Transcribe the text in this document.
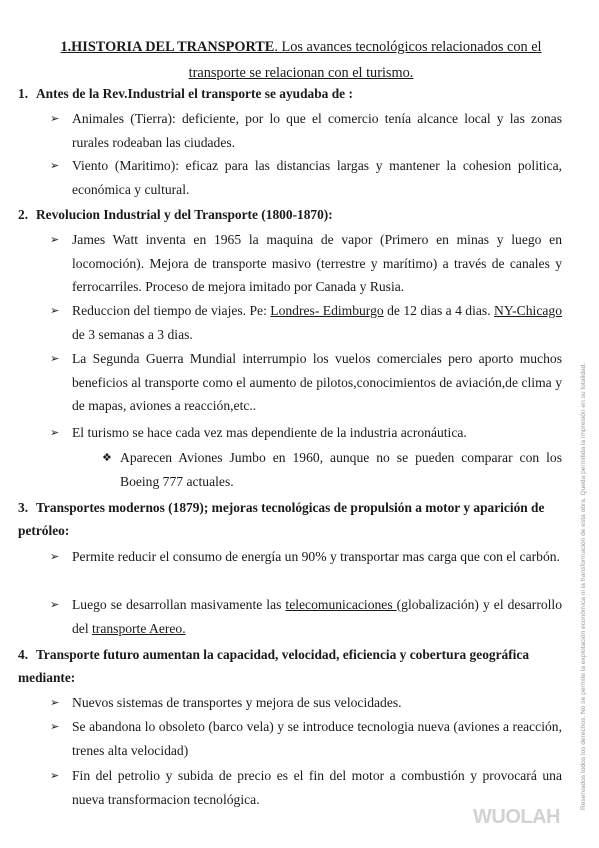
1.HISTORIA DEL TRANSPORTE. Los avances tecnológicos relacionados con el
transporte se relacionan con el turismo.
1. Antes de la Rev.Industrial el transporte se ayudaba de :
➢ Animales (Tierra): deficiente, por lo que el comercio tenía alcance local y las zonas rurales rodeaban las ciudades.
➢ Viento (Maritimo): eficaz para las distancias largas y mantener la cohesion politica, económica y cultural.
2. Revolucion Industrial y del Transporte (1800-1870):
➢ James Watt inventa en 1965 la maquina de vapor (Primero en minas y luego en locomoción). Mejora de transporte masivo (terrestre y marítimo) a través de canales y ferrocarriles. Proceso de mejora imitado por Canada y Rusia.
➢ Reduccion del tiempo de viajes. Pe: Londres- Edimburgo de 12 dias a 4 dias. NY-Chicago de 3 semanas a 3 dias.
➢ La Segunda Guerra Mundial interrumpio los vuelos comerciales pero aporto muchos beneficios al transporte como el aumento de pilotos,conocimientos de aviación,de clima y de mapas, aviones a reacción,etc..
➢ El turismo se hace cada vez mas dependiente de la industria acronáutica.
❖ Aparecen Aviones Jumbo en 1960, aunque no se pueden comparar con los Boeing 777 actuales.
3. Transportes modernos (1879); mejoras tecnológicas de propulsión a motor y aparición de petróleo:
➢ Permite reducir el consumo de energía un 90% y transportar mas carga que con el carbón.
➢ Luego se desarrollan masivamente las telecomunicaciones (globalización) y el desarrollo del transporte Aereo.
4. Transporte futuro aumentan la capacidad, velocidad, eficiencia y cobertura geográfica mediante:
➢ Nuevos sistemas de transportes y mejora de sus velocidades.
➢ Se abandona lo obsoleto (barco vela) y se introduce tecnologia nueva (aviones a reacción, trenes alta velocidad)
➢ Fin del petrolio y subida de precio es el fin del motor a combustión y provocará una nueva transformacion tecnológica.	Reservados todos los derechos. No se permite la explotación económica ni la transformación de esta obra. Queda permitida la impresión en su totalidad.
WUOLAH
